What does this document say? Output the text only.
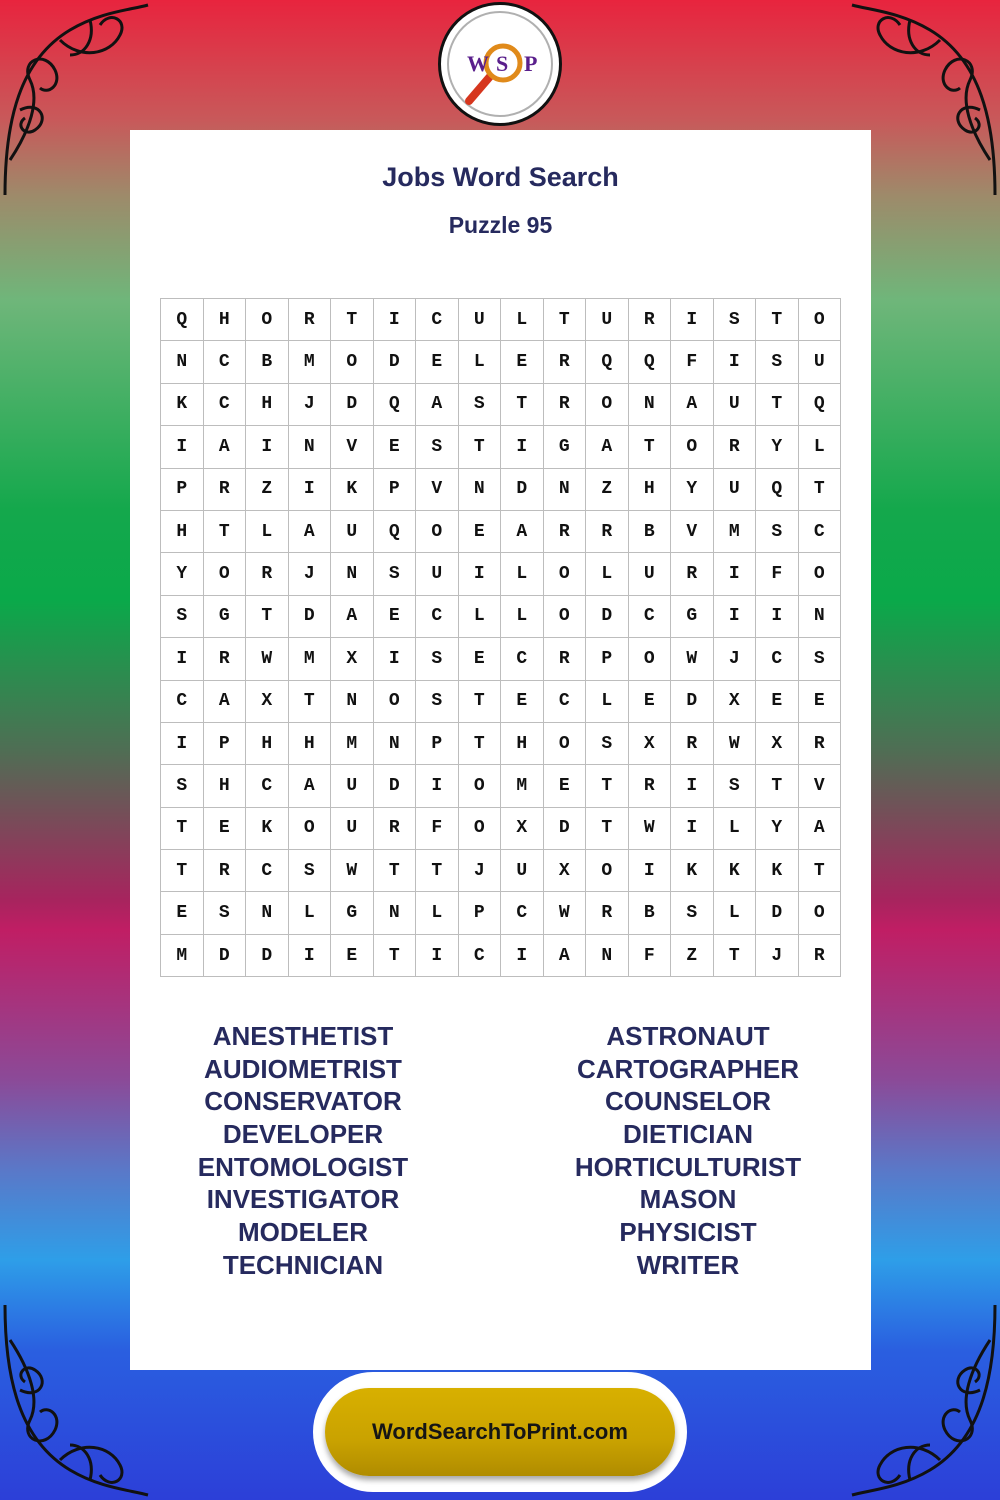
W S P
Jobs Word Search
Puzzle 95
Q	H	O	R	T	I	C	U	L	T	U	R	I	S	T	O
N	C	B	M	O	D	E	L	E	R	Q	Q	F	I	S	U
K	C	H	J	D	Q	A	S	T	R	O	N	A	U	T	Q
I	A	I	N	V	E	S	T	I	G	A	T	O	R	Y	L
P	R	Z	I	K	P	V	N	D	N	Z	H	Y	U	Q	T
H	T	L	A	U	Q	O	E	A	R	R	B	V	M	S	C
Y	O	R	J	N	S	U	I	L	O	L	U	R	I	F	O
S	G	T	D	A	E	C	L	L	O	D	C	G	I	I	N
I	R	W	M	X	I	S	E	C	R	P	O	W	J	C	S
C	A	X	T	N	O	S	T	E	C	L	E	D	X	E	E
I	P	H	H	M	N	P	T	H	O	S	X	R	W	X	R
S	H	C	A	U	D	I	O	M	E	T	R	I	S	T	V
T	E	K	O	U	R	F	O	X	D	T	W	I	L	Y	A
T	R	C	S	W	T	T	J	U	X	O	I	K	K	K	T
E	S	N	L	G	N	L	P	C	W	R	B	S	L	D	O
M	D	D	I	E	T	I	C	I	A	N	F	Z	T	J	R
ANESTHETIST
AUDIOMETRIST
CONSERVATOR
DEVELOPER
ENTOMOLOGIST
INVESTIGATOR
MODELER
TECHNICIAN
ASTRONAUT
CARTOGRAPHER
COUNSELOR
DIETICIAN
HORTICULTURIST
MASON
PHYSICIST
WRITER
WordSearchToPrint.com
